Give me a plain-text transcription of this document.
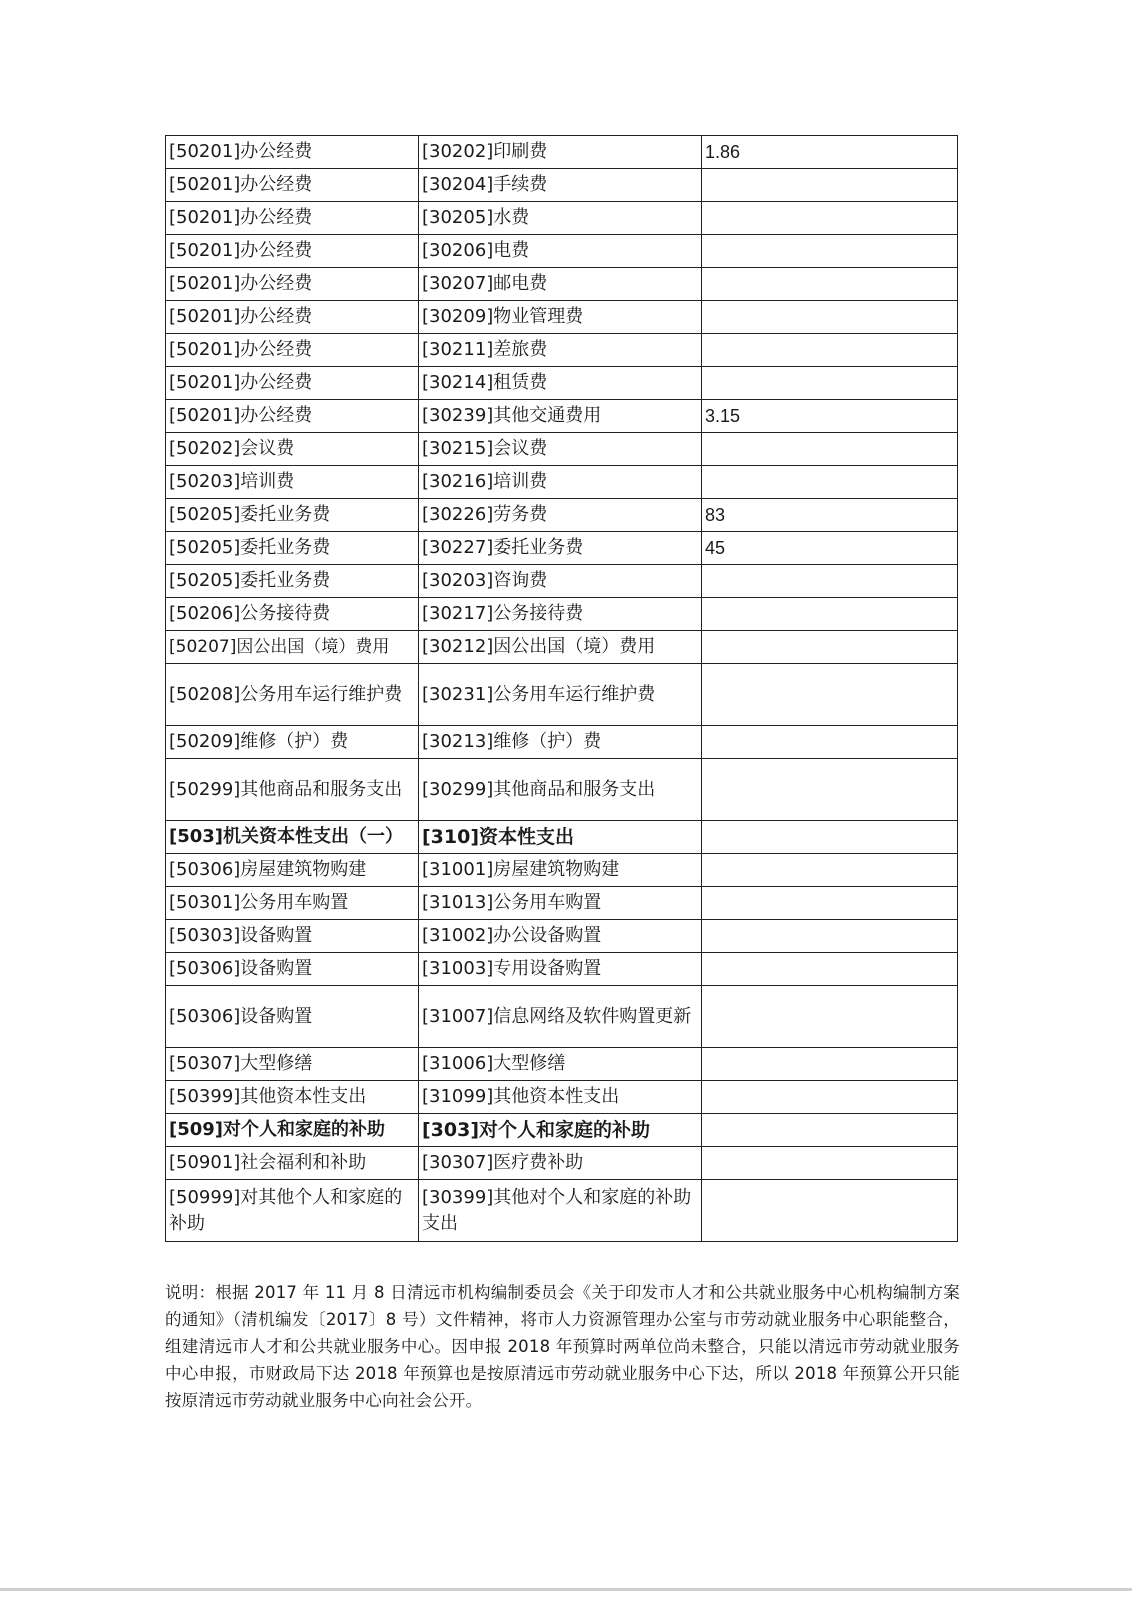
[50201]办公经费	[30202]印刷费	1.86
[50201]办公经费	[30204]手续费	
[50201]办公经费	[30205]水费	
[50201]办公经费	[30206]电费	
[50201]办公经费	[30207]邮电费	
[50201]办公经费	[30209]物业管理费	
[50201]办公经费	[30211]差旅费	
[50201]办公经费	[30214]租赁费	
[50201]办公经费	[30239]其他交通费用	3.15
[50202]会议费	[30215]会议费	
[50203]培训费	[30216]培训费	
[50205]委托业务费	[30226]劳务费	83
[50205]委托业务费	[30227]委托业务费	45
[50205]委托业务费	[30203]咨询费	
[50206]公务接待费	[30217]公务接待费	
[50207]因公出国（境）费用	[30212]因公出国（境）费用	
[50208]公务用车运行维护费	[30231]公务用车运行维护费	
[50209]维修（护）费	[30213]维修（护）费	
[50299]其他商品和服务支出	[30299]其他商品和服务支出	
[503]机关资本性支出（一）	[310]资本性支出	
[50306]房屋建筑物购建	[31001]房屋建筑物购建	
[50301]公务用车购置	[31013]公务用车购置	
[50303]设备购置	[31002]办公设备购置	
[50306]设备购置	[31003]专用设备购置	
[50306]设备购置	[31007]信息网络及软件购置更新	
[50307]大型修缮	[31006]大型修缮	
[50399]其他资本性支出	[31099]其他资本性支出	
[509]对个人和家庭的补助	[303]对个人和家庭的补助	
[50901]社会福利和补助	[30307]医疗费补助	
[50999]对其他个人和家庭的补助	[30399]其他对个人和家庭的补助支出	

说明：根据 2017 年 11 月 8 日清远市机构编制委员会《关于印发市人才和公共就业服务中心机构编制方案的通知》（清机编发〔2017〕8 号）文件精神，将市人力资源管理办公室与市劳动就业服务中心职能整合，组建清远市人才和公共就业服务中心。因申报 2018 年预算时两单位尚未整合，只能以清远市劳动就业服务中心申报，市财政局下达 2018 年预算也是按原清远市劳动就业服务中心下达，所以 2018 年预算公开只能按原清远市劳动就业服务中心向社会公开。
